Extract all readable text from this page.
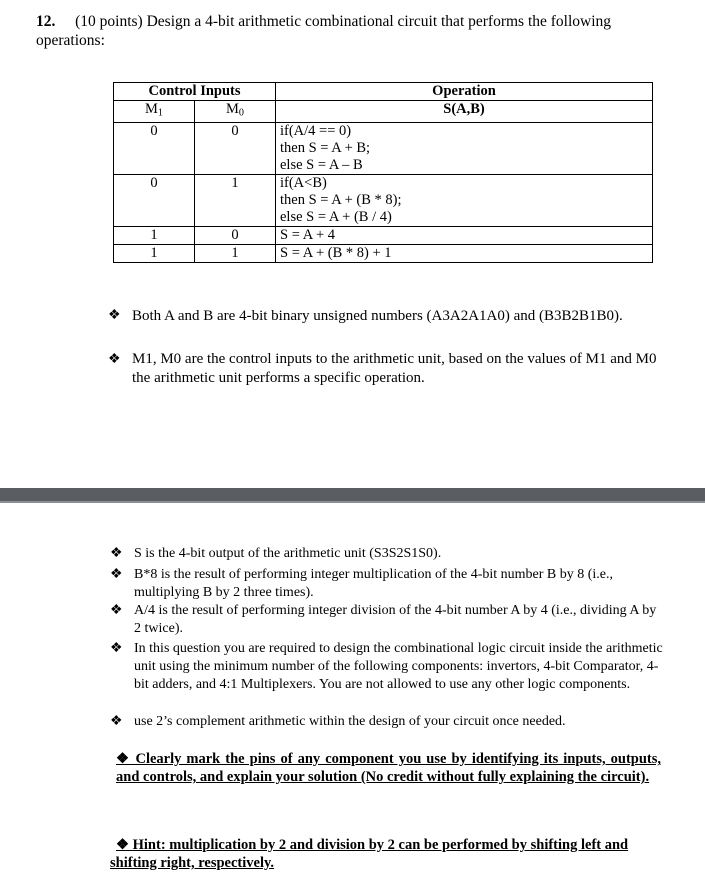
12. (10 points) Design a 4-bit arithmetic combinational circuit that performs the following
operations:
Control Inputs		Operation
$M_1$	$M_0$	S(A,B)
0	0	if(A/4 == 0)
then S = A + B;
else S = A – B

0	1	if(A<B)
then S = A + (B * 8);
else S = A + (B / 4)

1	0	S = A + 4

1	1	S = A + (B * 8) + 1
❖ Both A and B are 4-bit binary unsigned numbers (A3A2A1A0) and (B3B2B1B0).
❖ M1, M0 are the control inputs to the arithmetic unit, based on the values of M1 and M0 the arithmetic unit performs a specific operation.
❖ S is the 4-bit output of the arithmetic unit (S3S2S1S0).
❖ B*8 is the result of performing integer multiplication of the 4-bit number B by 8 (i.e., multiplying B by 2 three times).
❖ A/4 is the result of performing integer division of the 4-bit number A by 4 (i.e., dividing A by 2 twice).
❖ In this question you are required to design the combinational logic circuit inside the arithmetic unit using the minimum number of the following components: invertors, 4-bit Comparator, 4-bit adders, and 4:1 Multiplexers. You are not allowed to use any other logic components.
❖ use 2’s complement arithmetic within the design of your circuit once needed.
❖ Clearly mark the pins of any component you use by identifying its inputs, outputs, and controls, and explain your solution (No credit without fully explaining the circuit).
❖ Hint: multiplication by 2 and division by 2 can be performed by shifting left and shifting right, respectively.
